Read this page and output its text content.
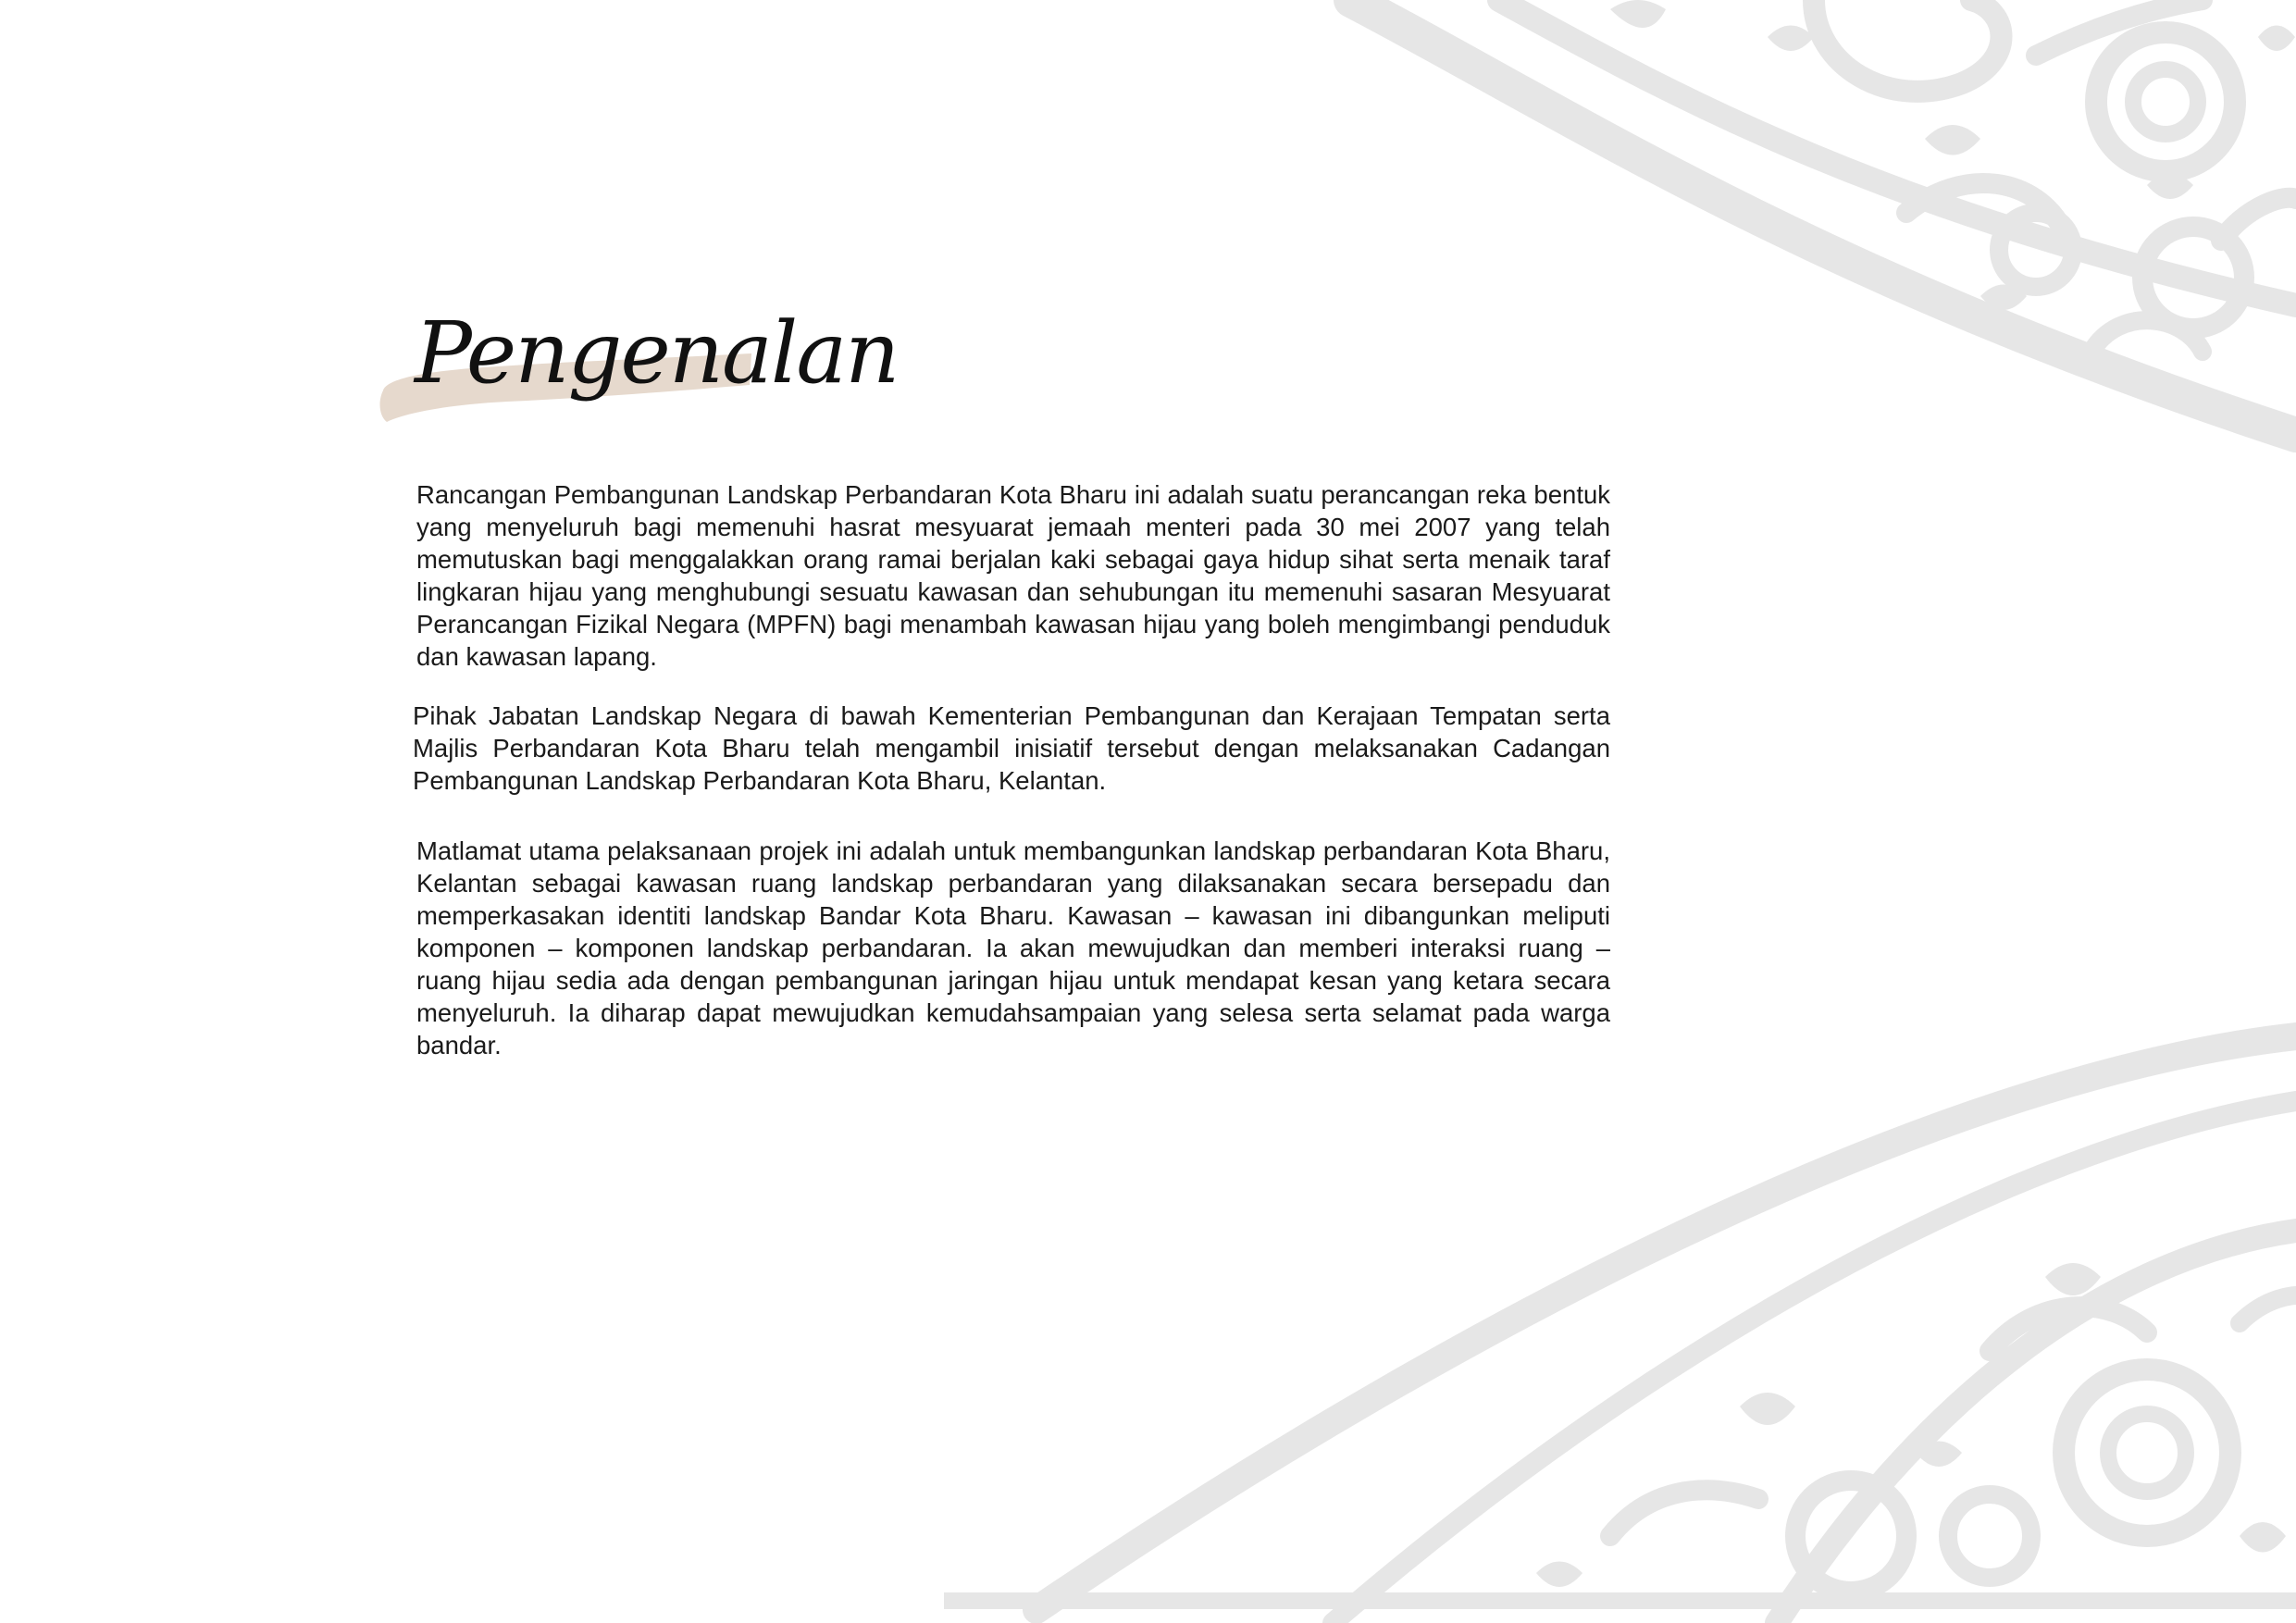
Pengenalan

Rancangan Pembangunan Landskap Perbandaran Kota Bharu ini adalah suatu perancangan reka bentuk yang menyeluruh bagi memenuhi hasrat mesyuarat jemaah menteri pada 30 mei 2007 yang telah memutuskan bagi menggalakkan orang ramai berjalan kaki sebagai gaya hidup sihat serta menaik taraf lingkaran hijau yang menghubungi sesuatu kawasan dan sehubungan itu memenuhi sasaran Mesyuarat Perancangan Fizikal Negara (MPFN) bagi menambah kawasan hijau yang boleh mengimbangi penduduk dan kawasan lapang.

Pihak Jabatan Landskap Negara di bawah Kementerian Pembangunan dan Kerajaan Tempatan serta Majlis Perbandaran Kota Bharu telah mengambil inisiatif tersebut dengan melaksanakan Cadangan Pembangunan Landskap Perbandaran Kota Bharu, Kelantan.

Matlamat utama pelaksanaan projek ini adalah untuk membangunkan landskap perbandaran Kota Bharu, Kelantan sebagai kawasan ruang landskap perbandaran yang dilaksanakan secara bersepadu dan memperkasakan identiti landskap Bandar Kota Bharu. Kawasan – kawasan ini dibangunkan meliputi komponen – komponen landskap perbandaran. Ia akan mewujudkan dan memberi interaksi ruang – ruang hijau sedia ada dengan pembangunan jaringan hijau untuk mendapat kesan yang ketara secara menyeluruh. Ia diharap dapat mewujudkan kemudahsampaian yang selesa serta selamat pada warga bandar.
